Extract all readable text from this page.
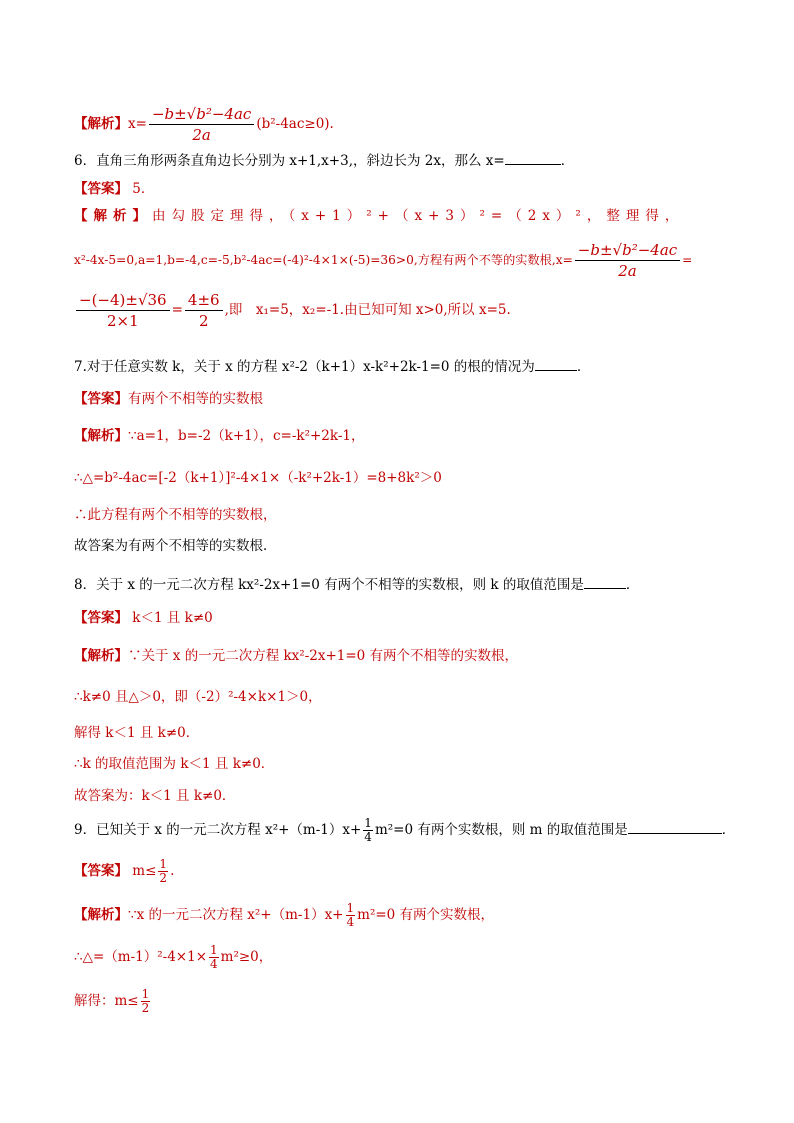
【解析】$x= \frac{\text{−b±√b²−4ac}}{2a} (b^2-4ac\ge 0)$.
6．直角三角形两条直角边长分别为 x+1,x+3,，斜边长为 2x，那么 x=	．
【答案】 5．
【解析】由勾股定理得，（x+1）²+（x+3）²=（2x）²，整理得，
x²-4x-5=0,a=1,b=-4,c=-5,b²-4ac=(-4)²-4×1×(-5)=36>0,方程有两个不等的实数根$,x= \frac{\text{−b±√b²−4ac}}{2a}$ =
$\frac{-(-4)\pm√36}{2\times 1} = \frac{4\pm 6}{2}$ ,即　x₁=5，x₂=-1.由已知可知 x>0,所以 x=5.
7.对于任意实数 k，关于 x 的方程 x²-2（k+1）x-k²+2k-1=0 的根的情况为	．
【答案】有两个不相等的实数根
【解析】∵a=1，b=-2（k+1），c=-k²+2k-1，
∴△=b²-4ac=[-2（k+1）]²-4×1×（-k²+2k-1）=8+8k²＞0
∴此方程有两个不相等的实数根，
故答案为有两个不相等的实数根．
8．关于 x 的一元二次方程 kx²-2x+1=0 有两个不相等的实数根，则 k 的取值范围是	．
【答案】 k＜1 且 k≠0
【解析】∵关于 x 的一元二次方程 kx²-2x+1=0 有两个不相等的实数根，
∴k≠0 且△＞0，即（-2）²-4×k×1＞0，
解得 k＜1 且 k≠0．
∴k 的取值范围为 k＜1 且 k≠0．
故答案为：k＜1 且 k≠0．
9．已知关于 x 的一元二次方程 $x^2+(m-1)x+ \frac{1}{4} m^2=0$ 有两个实数根，则 m 的取值范围是	．
【答案】 $m\le \frac{1}{2}$ .
【解析】∵x 的一元二次方程 $x^2+(m-1)x+ \frac{1}{4} m^2=0$ 有两个实数根，
∴△=（m-1）²-4×1× $\frac{1}{4} m^2\ge 0$，
解得：$m\le \frac{1}{2}$
